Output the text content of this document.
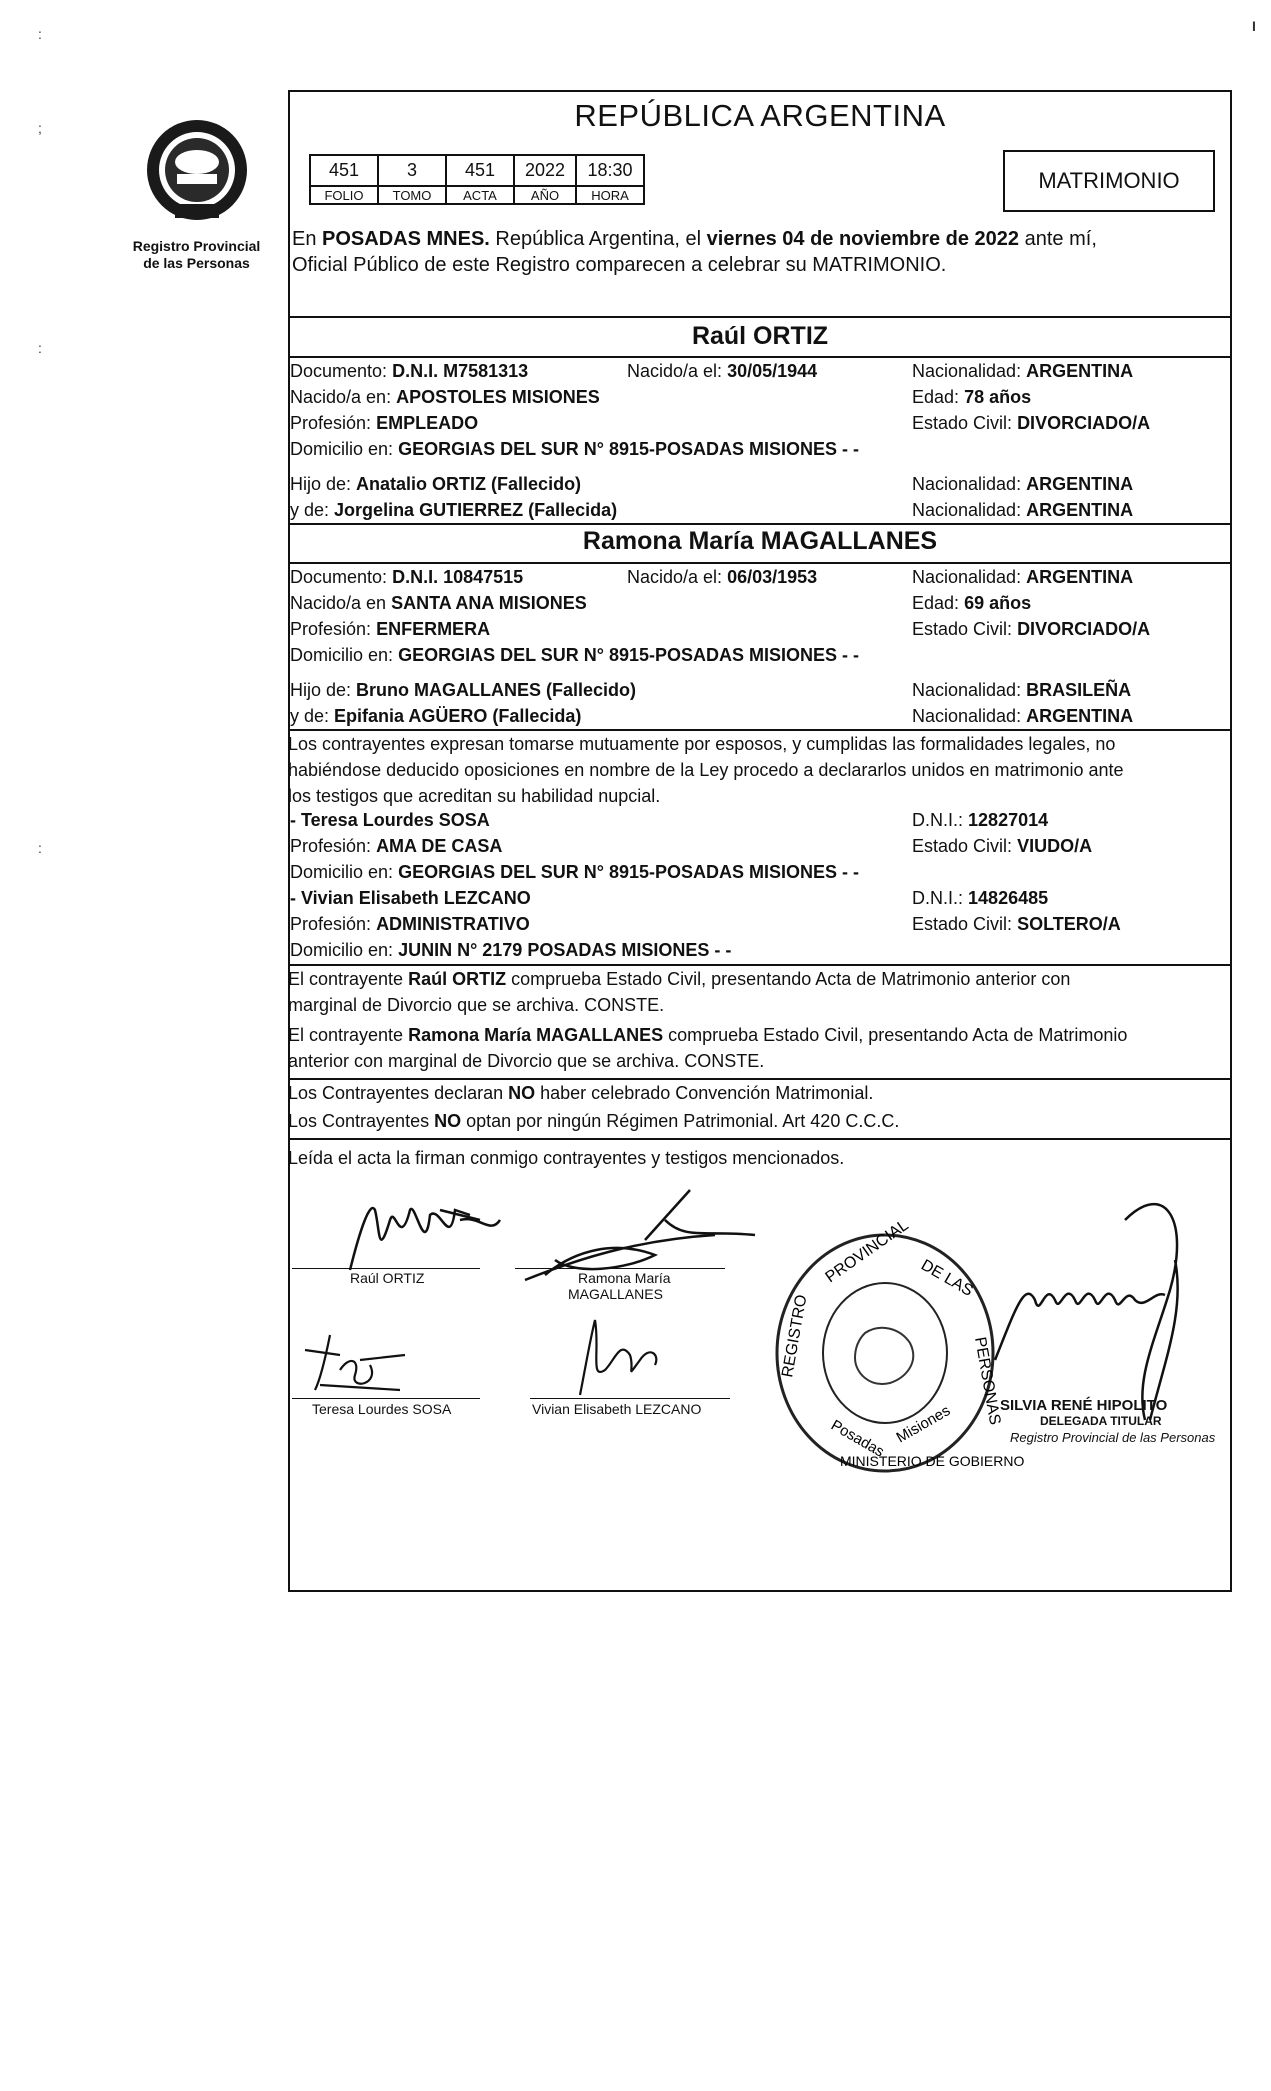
I
Registro Provincial
de las Personas
REPÚBLICA ARGENTINA
451	3	451	2022	18:30
FOLIO	TOMO	ACTA	AÑO	HORA
MATRIMONIO
En POSADAS MNES. República Argentina, el viernes 04 de noviembre de 2022 ante mí,
Oficial Público de este Registro comparecen a celebrar su MATRIMONIO.
Raúl ORTIZ
Documento: D.N.I. M7581313	Nacido/a el: 30/05/1944	Nacionalidad: ARGENTINA
Nacido/a en: APOSTOLES MISIONES	Edad: 78 años
Profesión: EMPLEADO	Estado Civil: DIVORCIADO/A
Domicilio en: GEORGIAS DEL SUR N° 8915-POSADAS MISIONES - -
Hijo de: Anatalio ORTIZ (Fallecido)	Nacionalidad: ARGENTINA
y de: Jorgelina GUTIERREZ (Fallecida)	Nacionalidad: ARGENTINA
Ramona María MAGALLANES
Documento: D.N.I. 10847515	Nacido/a el: 06/03/1953	Nacionalidad: ARGENTINA
Nacido/a en SANTA ANA MISIONES	Edad: 69 años
Profesión: ENFERMERA	Estado Civil: DIVORCIADO/A
Domicilio en: GEORGIAS DEL SUR N° 8915-POSADAS MISIONES - -
Hijo de: Bruno MAGALLANES (Fallecido)	Nacionalidad: BRASILEÑA
y de: Epifania AGÜERO (Fallecida)	Nacionalidad: ARGENTINA
Los contrayentes expresan tomarse mutuamente por esposos, y cumplidas las formalidades legales, no
habiéndose deducido oposiciones en nombre de la Ley procedo a declararlos unidos en matrimonio ante
los testigos que acreditan su habilidad nupcial.
- Teresa Lourdes SOSA	D.N.I.: 12827014
Profesión: AMA DE CASA	Estado Civil: VIUDO/A
Domicilio en: GEORGIAS DEL SUR N° 8915-POSADAS MISIONES - -
- Vivian Elisabeth LEZCANO	D.N.I.: 14826485
Profesión: ADMINISTRATIVO	Estado Civil: SOLTERO/A
Domicilio en: JUNIN N° 2179 POSADAS MISIONES - -
El contrayente Raúl ORTIZ comprueba Estado Civil, presentando Acta de Matrimonio anterior con
marginal de Divorcio que se archiva. CONSTE.
El contrayente Ramona María MAGALLANES comprueba Estado Civil, presentando Acta de Matrimonio
anterior con marginal de Divorcio que se archiva. CONSTE.
Los Contrayentes declaran NO haber celebrado Convención Matrimonial.
Los Contrayentes NO optan por ningún Régimen Patrimonial. Art 420 C.C.C.
Leída el acta la firman conmigo contrayentes y testigos mencionados.
Raúl ORTIZ	Ramona María
MAGALLANES
Teresa Lourdes SOSA	Vivian Elisabeth LEZCANO
REGISTRO
PROVINCIAL DE LAS
PERSONAS
Posadas Misiones
MINISTERIO DE GOBIERNO
SILVIA RENÉ HIPOLITO
DELEGADA TITULAR
Registro Provincial de las Personas
:
;
:
:
